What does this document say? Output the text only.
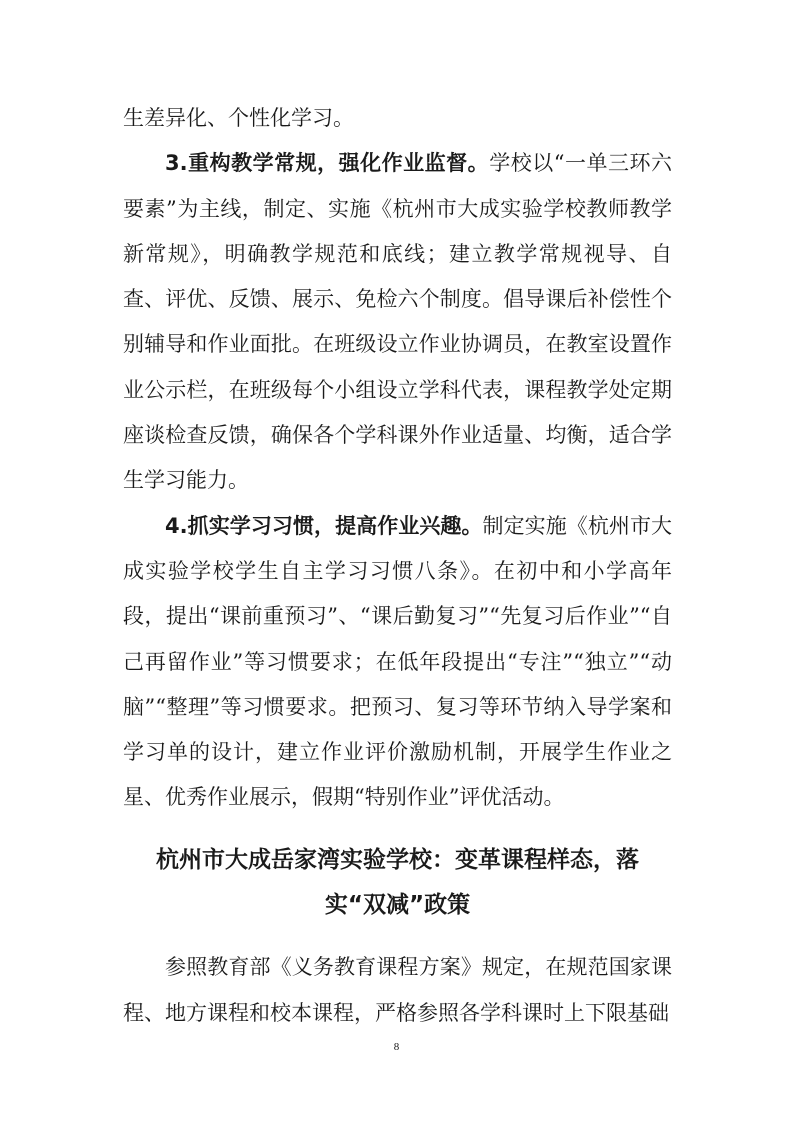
生差异化、个性化学习。

3.重构教学常规，强化作业监督。学校以“一单三环六要素”为主线，制定、实施《杭州市大成实验学校教师教学新常规》，明确教学规范和底线；建立教学常规视导、自查、评优、反馈、展示、免检六个制度。倡导课后补偿性个别辅导和作业面批。在班级设立作业协调员，在教室设置作业公示栏，在班级每个小组设立学科代表，课程教学处定期座谈检查反馈，确保各个学科课外作业适量、均衡，适合学生学习能力。

4.抓实学习习惯，提高作业兴趣。制定实施《杭州市大成实验学校学生自主学习习惯八条》。在初中和小学高年段，提出“课前重预习”、“课后勤复习”“先复习后作业”“自己再留作业”等习惯要求；在低年段提出“专注”“独立”“动脑”“整理”等习惯要求。把预习、复习等环节纳入导学案和学习单的设计，建立作业评价激励机制，开展学生作业之星、优秀作业展示，假期“特别作业”评优活动。

杭州市大成岳家湾实验学校：变革课程样态，落
实“双减”政策

参照教育部《义务教育课程方案》规定，在规范国家课程、地方课程和校本课程，严格参照各学科课时上下限基础

8
